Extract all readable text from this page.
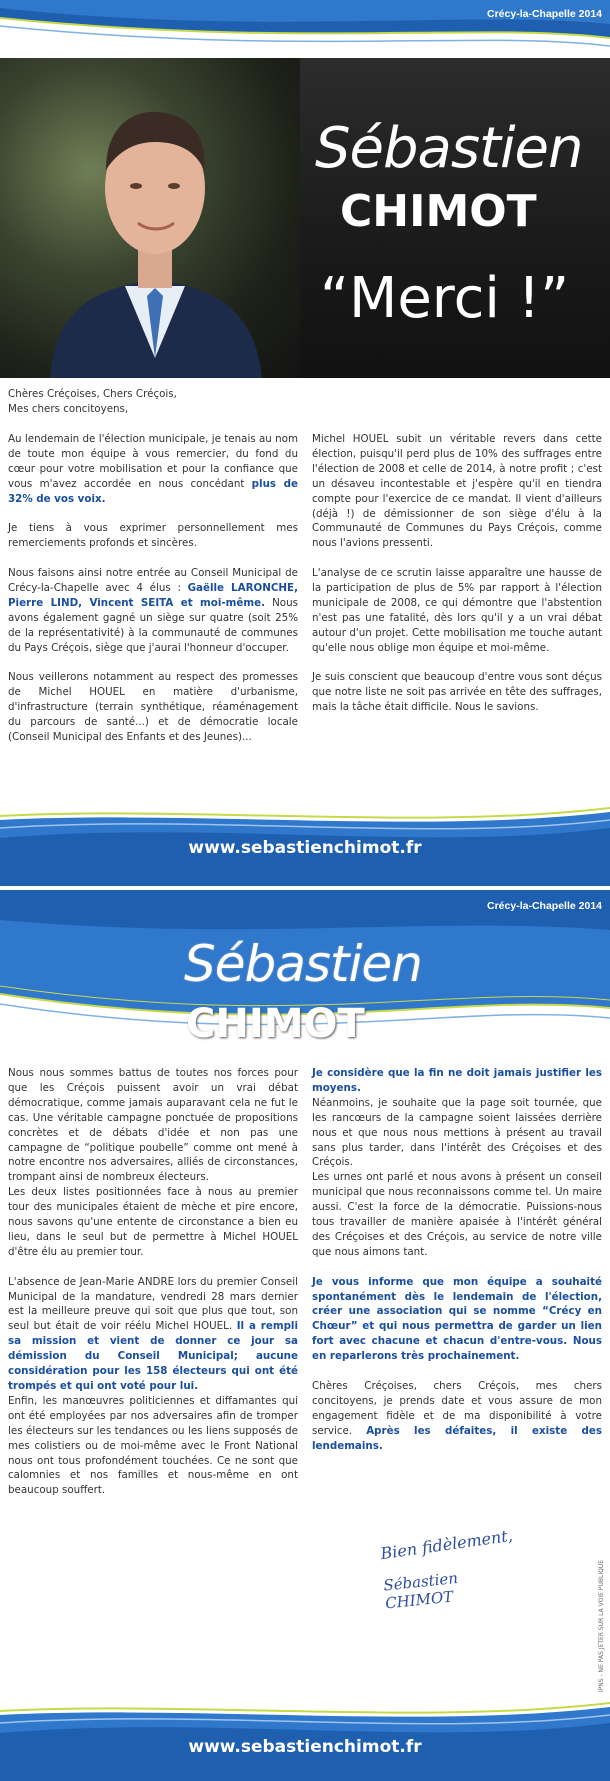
Crécy-la-Chapelle 2014
Sébastien
CHIMOT
“Merci !”
Chères Créçoises, Chers Créçois,
Mes chers concitoyens,

Au lendemain de l'élection municipale, je tenais au nom de toute mon équipe à vous remercier, du fond du cœur pour votre mobilisation et pour la confiance que vous m'avez accordée en nous concédant plus de 32% de vos voix.

Je tiens à vous exprimer personnellement mes remerciements profonds et sincères.

Nous faisons ainsi notre entrée au Conseil Municipal de Crécy-la-Chapelle avec 4 élus : Gaëlle LARONCHE, Pierre LIND, Vincent SEITA et moi-même. Nous avons également gagné un siège sur quatre (soit 25% de la représentativité) à la communauté de communes du Pays Créçois, siège que j'aurai l'honneur d'occuper.

Nous veillerons notamment au respect des promesses de Michel HOUEL en matière d'urbanisme, d'infrastructure (terrain synthétique, réaménagement du parcours de santé...) et de démocratie locale (Conseil Municipal des Enfants et des Jeunes)...

Michel HOUEL subit un véritable revers dans cette élection, puisqu'il perd plus de 10% des suffrages entre l'élection de 2008 et celle de 2014, à notre profit ; c'est un désaveu incontestable et j'espère qu'il en tiendra compte pour l'exercice de ce mandat. Il vient d'ailleurs (déjà !) de démissionner de son siège d'élu à la Communauté de Communes du Pays Créçois, comme nous l'avions pressenti.

L'analyse de ce scrutin laisse apparaître une hausse de la participation de plus de 5% par rapport à l'élection municipale de 2008, ce qui démontre que l'abstention n'est pas une fatalité, dès lors qu'il y a un vrai débat autour d'un projet. Cette mobilisation me touche autant qu'elle nous oblige mon équipe et moi-même.

Je suis conscient que beaucoup d'entre vous sont déçus que notre liste ne soit pas arrivée en tête des suffrages, mais la tâche était difficile. Nous le savions.

www.sebastienchimot.fr
Crécy-la-Chapelle 2014
Sébastien
CHIMOT

Nous nous sommes battus de toutes nos forces pour que les Créçois puissent avoir un vrai débat démocratique, comme jamais auparavant cela ne fut le cas. Une véritable campagne ponctuée de propositions concrètes et de débats d'idée et non pas une campagne de “politique poubelle” comme ont mené à notre encontre nos adversaires, alliés de circonstances, trompant ainsi de nombreux électeurs.

Les deux listes positionnées face à nous au premier tour des municipales étaient de mèche et pire encore, nous savons qu'une entente de circonstance a bien eu lieu, dans le seul but de permettre à Michel HOUEL d'être élu au premier tour.

L'absence de Jean-Marie ANDRE lors du premier Conseil Municipal de la mandature, vendredi 28 mars dernier est la meilleure preuve qui soit que plus que tout, son seul but était de voir réélu Michel HOUEL. Il a rempli sa mission et vient de donner ce jour sa démission du Conseil Municipal; aucune considération pour les 158 électeurs qui ont été trompés et qui ont voté pour lui.

Enfin, les manœuvres politiciennes et diffamantes qui ont été employées par nos adversaires afin de tromper les électeurs sur les tendances ou les liens supposés de mes colistiers ou de moi-même avec le Front National nous ont tous profondément touchées. Ce ne sont que calomnies et nos familles et nous-même en ont beaucoup souffert.

Je considère que la fin ne doit jamais justifier les moyens.

Néanmoins, je souhaite que la page soit tournée, que les rancœurs de la campagne soient laissées derrière nous et que nous nous mettions à présent au travail sans plus tarder, dans l'intérêt des Créçoises et des Créçois.

Les urnes ont parlé et nous avons à présent un conseil municipal que nous reconnaissons comme tel. Un maire aussi. C'est la force de la démocratie. Puissions-nous tous travailler de manière apaisée à l'intérêt général des Créçoises et des Créçois, au service de notre ville que nous aimons tant.

Je vous informe que mon équipe a souhaité spontanément dès le lendemain de l'élection, créer une association qui se nomme “Crécy en Chœur” et qui nous permettra de garder un lien fort avec chacune et chacun d'entre-vous. Nous en reparlerons très prochainement.

Chères Créçoises, chers Créçois, mes chers concitoyens, je prends date et vous assure de mon engagement fidèle et de ma disponibilité à votre service. Après les défaites, il existe des lendemains.

Bien fidèlement,
Sébastien CHIMOT	IPNS - NE PAS JETER SUR LA VOIE PUBLIQUE
www.sebastienchimot.fr
